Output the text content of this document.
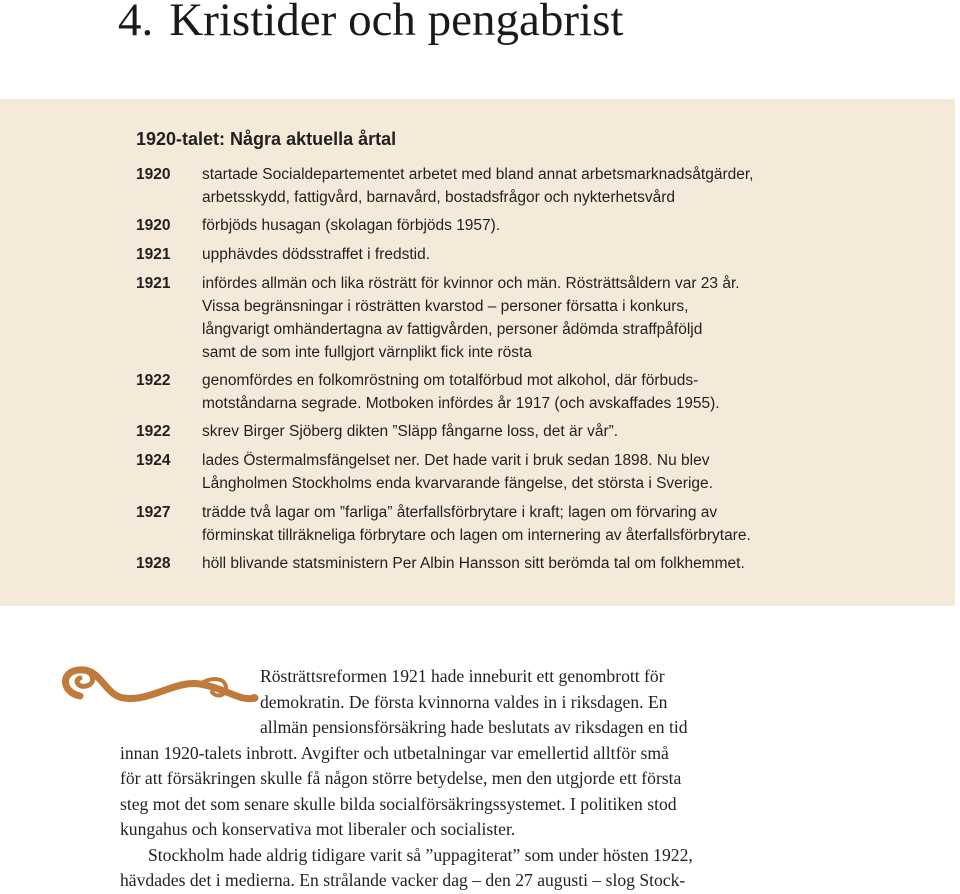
4. Kristider och pengabrist
1920-talet: Några aktuella årtal
1920	startade Socialdepartementet arbetet med bland annat arbetsmarknadsåtgärder,
arbetsskydd, fattigvård, barnavård, bostadsfrågor och nykterhetsvård
1920	förbjöds husagan (skolagan förbjöds 1957).
1921	upphävdes dödsstraffet i fredstid.
1921	infördes allmän och lika rösträtt för kvinnor och män. Rösträttsåldern var 23 år.
Vissa begränsningar i rösträtten kvarstod – personer försatta i konkurs,
långvarigt omhändertagna av fattigvården, personer ådömda straffpåföljd
samt de som inte fullgjort värnplikt fick inte rösta
1922	genomfördes en folkomröstning om totalförbud mot alkohol, där förbuds-
motståndarna segrade. Motboken infördes år 1917 (och avskaffades 1955).
1922	skrev Birger Sjöberg dikten ”Släpp fångarne loss, det är vår”.
1924	lades Östermalmsfängelset ner. Det hade varit i bruk sedan 1898. Nu blev
Långholmen Stockholms enda kvarvarande fängelse, det största i Sverige.
1927	trädde två lagar om ”farliga” återfallsförbrytare i kraft; lagen om förvaring av
förminskat tillräkneliga förbrytare och lagen om internering av återfallsförbrytare.
1928	höll blivande statsministern Per Albin Hansson sitt berömda tal om folkhemmet.
Rösträttsreformen 1921 hade inneburit ett genombrott för
demokratin. De första kvinnorna valdes in i riksdagen. En
allmän pensionsförsäkring hade beslutats av riksdagen en tid
innan 1920-talets inbrott. Avgifter och utbetalningar var emellertid alltför små
för att försäkringen skulle få någon större betydelse, men den utgjorde ett första
steg mot det som senare skulle bilda socialförsäkringssystemet. I politiken stod
kungahus och konservativa mot liberaler och socialister.
Stockholm hade aldrig tidigare varit så ”uppagiterat” som under hösten 1922,
hävdades det i medierna. En strålande vacker dag – den 27 augusti – slog Stock-
